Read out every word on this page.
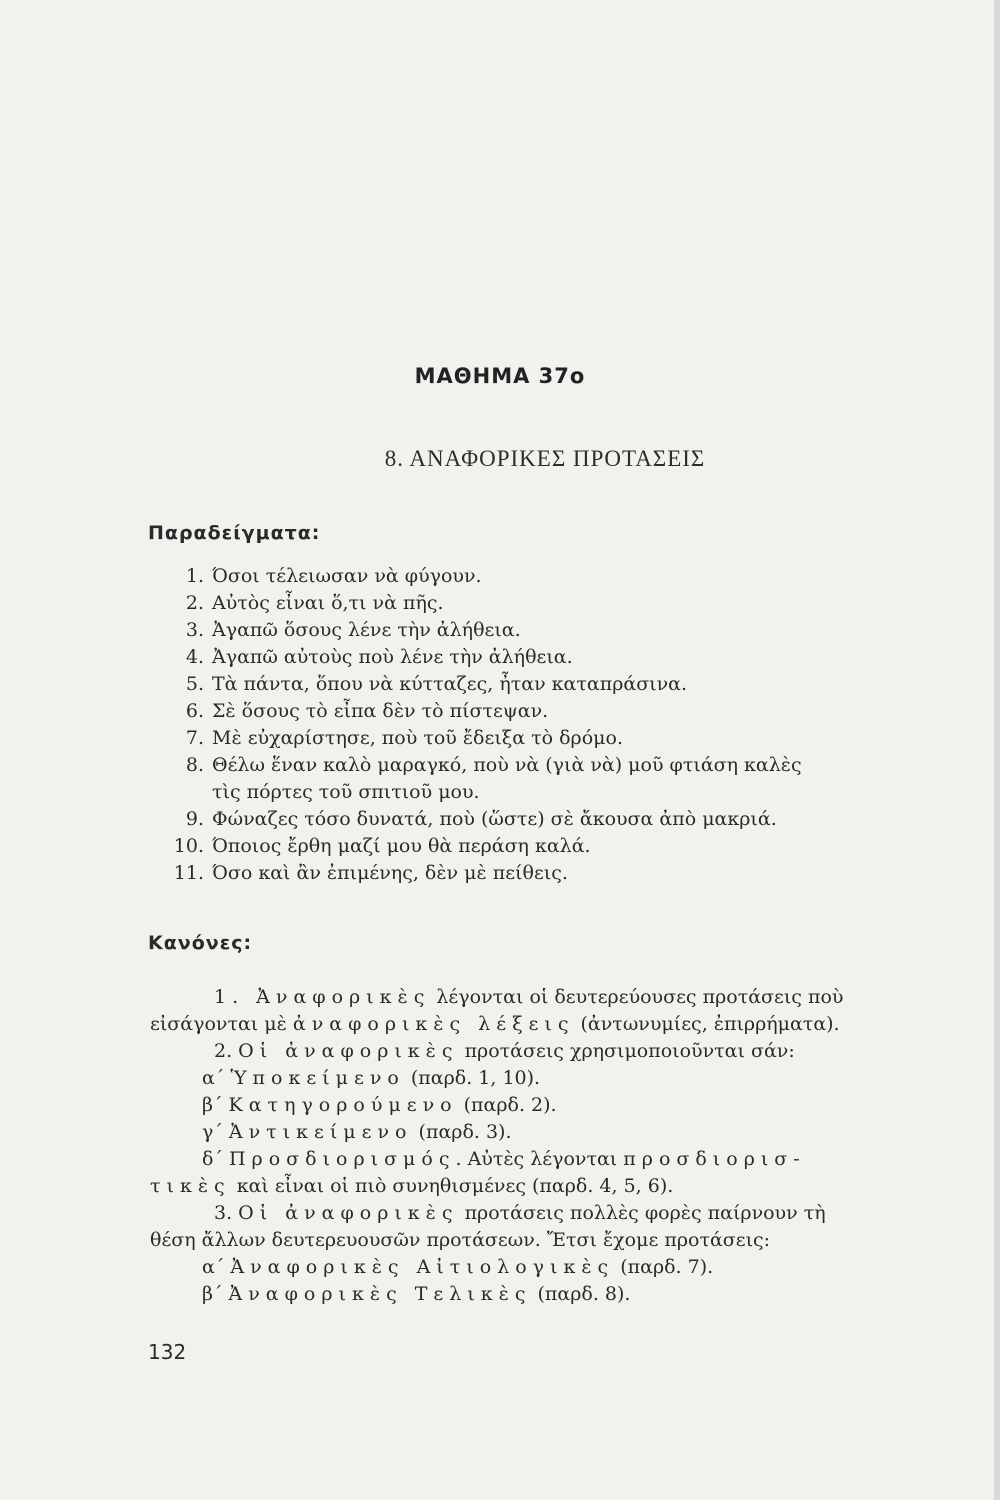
ΜΑΘΗΜΑ 37ο
8. ΑΝΑΦΟΡΙΚΕΣ ΠΡΟΤΑΣΕΙΣ
Παραδείγματα:
1. Όσοι τέλειωσαν νὰ φύγουν.
2. Αὐτὸς εἶναι ὅ,τι νὰ πῆς.
3. Ἀγαπῶ ὅσους λένε τὴν ἀλήθεια.
4. Ἀγαπῶ αὐτοὺς ποὺ λένε τὴν ἀλήθεια.
5. Τὰ πάντα, ὅπου νὰ κύτταζες, ἦταν καταπράσινα.
6. Σὲ ὅσους τὸ εἶπα δὲν τὸ πίστεψαν.
7. Μὲ εὐχαρίστησε, ποὺ τοῦ ἔδειξα τὸ δρόμο.
8. Θέλω ἕναν καλὸ μαραγκό, ποὺ νὰ (γιὰ νὰ) μοῦ φτιάση καλὲς
τὶς πόρτες τοῦ σπιτιοῦ μου.
9. Φώναζες τόσο δυνατά, ποὺ (ὥστε) σὲ ἄκουσα ἀπὸ μακριά.
10. Όποιος ἔρθη μαζί μου θὰ περάση καλά.
11. Όσο καὶ ἂν ἐπιμένης, δὲν μὲ πείθεις.
Κανόνες:
1. Ἀναφορικὲς λέγονται οἱ δευτερεύουσες προτάσεις ποὺ
εἰσάγονται μὲ ἀναφορικὲς λέξεις (ἀντωνυμίες, ἐπιρρήματα).
2. Οἱ ἀναφορικὲς προτάσεις χρησιμοποιοῦνται σάν:
α΄ Ὑποκείμενο (παρδ. 1, 10).
β΄ Κατηγορούμενο (παρδ. 2).
γ΄ Ἀντικείμενο (παρδ. 3).
δ΄ Προσδιορισμός. Αὐτὲς λέγονται προσδιορισ-
τικὲς καὶ εἶναι οἱ πιὸ συνηθισμένες (παρδ. 4, 5, 6).
3. Οἱ ἀναφορικὲς προτάσεις πολλὲς φορὲς παίρνουν τὴ
θέση ἄλλων δευτερευουσῶν προτάσεων. Ἔτσι ἔχομε προτάσεις:
α΄ Ἀναφορικὲς Αἰτιολογικὲς (παρδ. 7).
β΄ Ἀναφορικὲς Τελικὲς (παρδ. 8).
132
